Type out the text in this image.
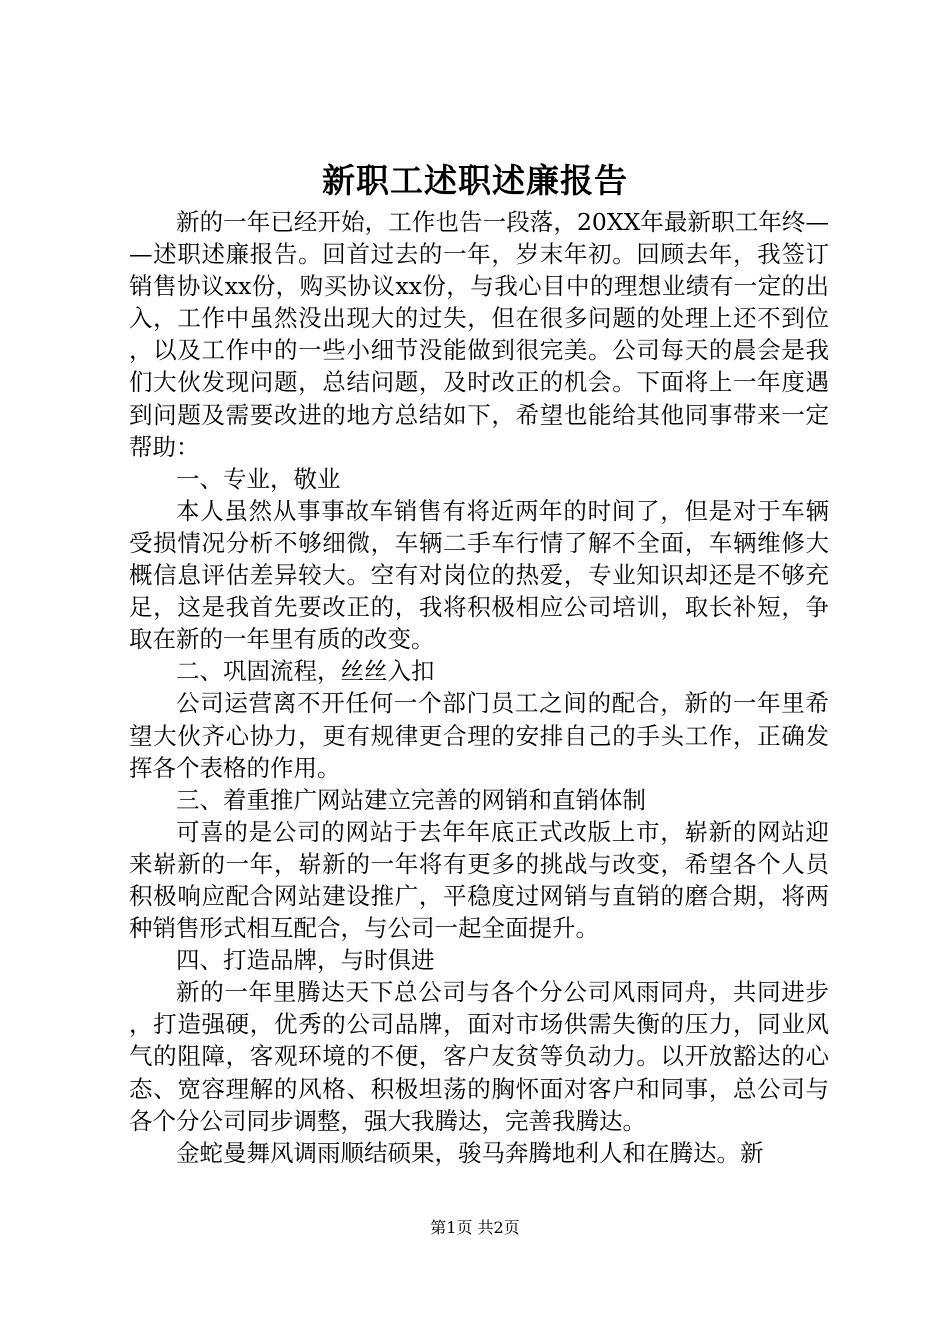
新职工述职述廉报告

新的一年已经开始，工作也告一段落，20XX年最新职工年终——述职述廉报告。回首过去的一年，岁末年初。回顾去年，我签订销售协议xx份，购买协议xx份，与我心目中的理想业绩有一定的出入，工作中虽然没出现大的过失，但在很多问题的处理上还不到位，以及工作中的一些小细节没能做到很完美。公司每天的晨会是我们大伙发现问题，总结问题，及时改正的机会。下面将上一年度遇到问题及需要改进的地方总结如下，希望也能给其他同事带来一定帮助：

一、专业，敬业

本人虽然从事事故车销售有将近两年的时间了，但是对于车辆受损情况分析不够细微，车辆二手车行情了解不全面，车辆维修大概信息评估差异较大。空有对岗位的热爱，专业知识却还是不够充足，这是我首先要改正的，我将积极相应公司培训，取长补短，争取在新的一年里有质的改变。

二、巩固流程，丝丝入扣

公司运营离不开任何一个部门员工之间的配合，新的一年里希望大伙齐心协力，更有规律更合理的安排自己的手头工作，正确发挥各个表格的作用。

三、着重推广网站建立完善的网销和直销体制

可喜的是公司的网站于去年年底正式改版上市，崭新的网站迎来崭新的一年，崭新的一年将有更多的挑战与改变，希望各个人员积极响应配合网站建设推广，平稳度过网销与直销的磨合期，将两种销售形式相互配合，与公司一起全面提升。

四、打造品牌，与时俱进

新的一年里腾达天下总公司与各个分公司风雨同舟，共同进步，打造强硬，优秀的公司品牌，面对市场供需失衡的压力，同业风气的阻障，客观环境的不便，客户友贫等负动力。以开放豁达的心态、宽容理解的风格、积极坦荡的胸怀面对客户和同事，总公司与各个分公司同步调整，强大我腾达，完善我腾达。

金蛇曼舞风调雨顺结硕果，骏马奔腾地利人和在腾达。新

第1页 共2页
